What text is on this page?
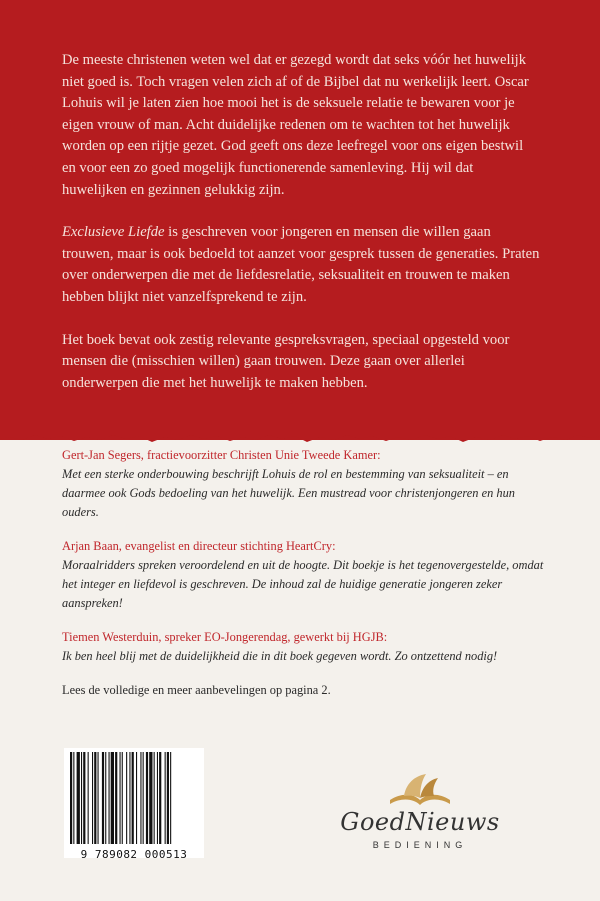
De meeste christenen weten wel dat er gezegd wordt dat seks vóór het huwelijk niet goed is. Toch vragen velen zich af of de Bijbel dat nu werkelijk leert. Oscar Lohuis wil je laten zien hoe mooi het is de seksuele relatie te bewaren voor je eigen vrouw of man. Acht duidelijke redenen om te wachten tot het huwelijk worden op een rijtje gezet. God geeft ons deze leefregel voor ons eigen bestwil en voor een zo goed mogelijk functionerende samenleving. Hij wil dat huwelijken en gezinnen gelukkig zijn.

Exclusieve Liefde is geschreven voor jongeren en mensen die willen gaan trouwen, maar is ook bedoeld tot aanzet voor gesprek tussen de generaties. Praten over onderwerpen die met de liefdesrelatie, seksualiteit en trouwen te maken hebben blijkt niet vanzelfsprekend te zijn.

Het boek bevat ook zestig relevante gespreksvragen, speciaal opgesteld voor mensen die (misschien willen) gaan trouwen. Deze gaan over allerlei onderwerpen die met het huwelijk te maken hebben.

Gert-Jan Segers, fractievoorzitter Christen Unie Tweede Kamer:
Met een sterke onderbouwing beschrijft Lohuis de rol en bestemming van seksualiteit – en daarmee ook Gods bedoeling van het huwelijk. Een mustread voor christenjongeren en hun ouders.
Arjan Baan, evangelist en directeur stichting HeartCry:
Moraalridders spreken veroordelend en uit de hoogte. Dit boekje is het tegenovergestelde, omdat het integer en liefdevol is geschreven. De inhoud zal de huidige generatie jongeren zeker aanspreken!
Tiemen Westerduin, spreker EO-Jongerendag, gewerkt bij HGJB:
Ik ben heel blij met de duidelijkheid die in dit boek gegeven wordt. Zo ontzettend nodig!
Lees de volledige en meer aanbevelingen op pagina 2.
9 789082 000513
GoedNieuws
BEDIENING
